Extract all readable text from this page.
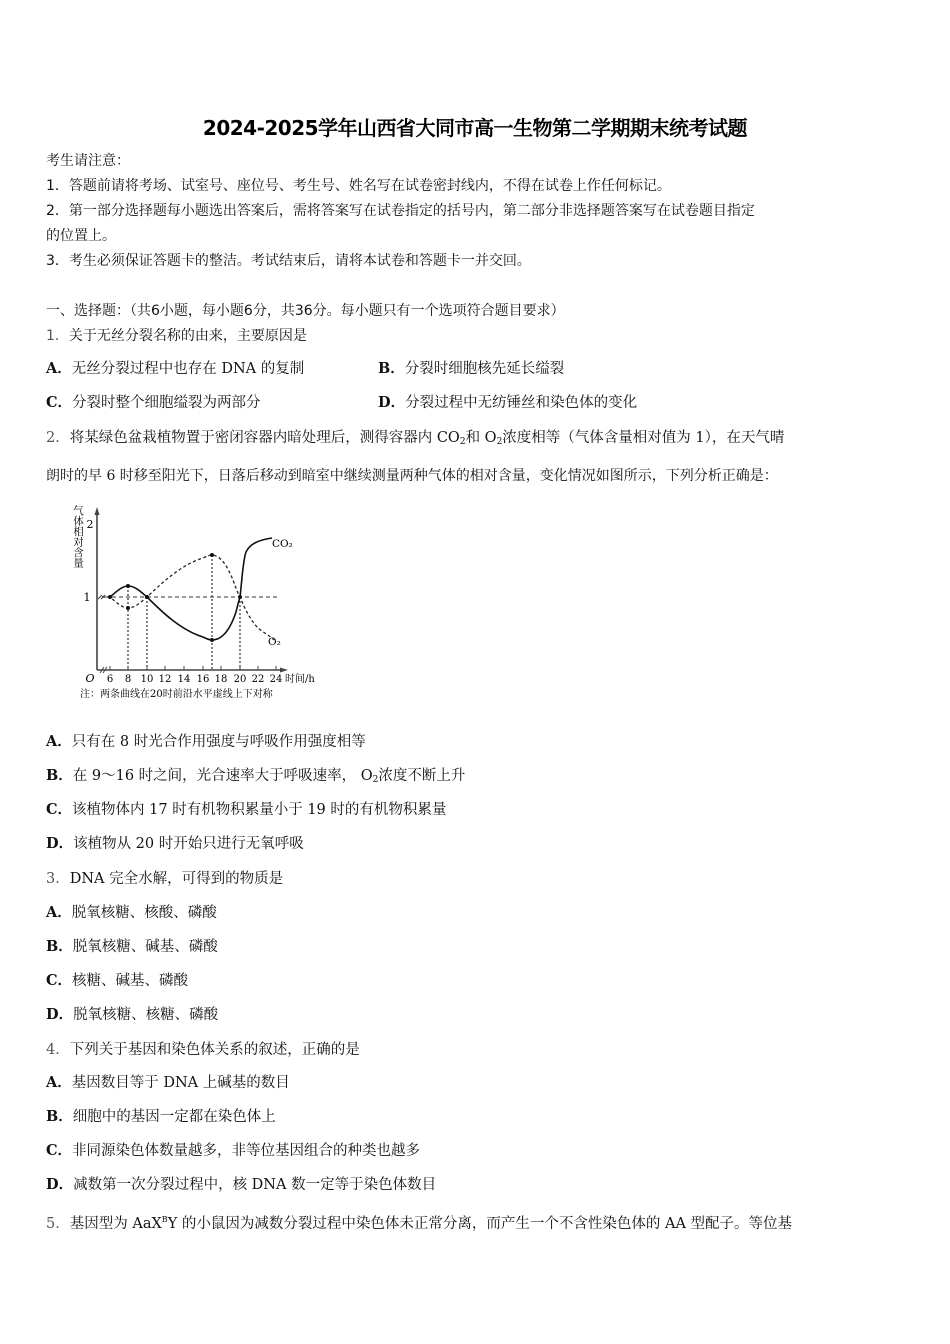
2024-2025学年山西省大同市高一生物第二学期期末统考试题
考生请注意：
1．答题前请将考场、试室号、座位号、考生号、姓名写在试卷密封线内，不得在试卷上作任何标记。
2．第一部分选择题每小题选出答案后，需将答案写在试卷指定的括号内，第二部分非选择题答案写在试卷题目指定
的位置上。
3．考生必须保证答题卡的整洁。考试结束后，请将本试卷和答题卡一并交回。
一、选择题：（共6小题，每小题6分，共36分。每小题只有一个选项符合题目要求）
1．关于无丝分裂名称的由来，主要原因是
A．无丝分裂过程中也存在 DNA 的复制	B．分裂时细胞核先延长缢裂
C．分裂时整个细胞缢裂为两部分	D．分裂过程中无纺锤丝和染色体的变化
2．将某绿色盆栽植物置于密闭容器内暗处理后，测得容器内 $CO_2$和 $O_2$浓度相等（气体含量相对值为 1），在天气晴
朗时的早 6 时移至阳光下，日落后移动到暗室中继续测量两种气体的相对含量，变化情况如图所示，下列分析正确是：
1
2
气体相对含量
O 6 8 10 12 14 16 18 20 22 24 时间/h
CO₂
O₂
注：两条曲线在20时前沿水平虚线上下对称
A．只有在 8 时光合作用强度与呼吸作用强度相等
B．在 9～16 时之间，光合速率大于呼吸速率， $O_2$浓度不断上升
C．该植物体内 17 时有机物积累量小于 19 时的有机物积累量
D．该植物从 20 时开始只进行无氧呼吸
3．DNA 完全水解，可得到的物质是
A．脱氧核糖、核酸、磷酸
B．脱氧核糖、碱基、磷酸
C．核糖、碱基、磷酸
D．脱氧核糖、核糖、磷酸
4．下列关于基因和染色体关系的叙述，正确的是
A．基因数目等于 DNA 上碱基的数目
B．细胞中的基因一定都在染色体上
C．非同源染色体数量越多，非等位基因组合的种类也越多
D．减数第一次分裂过程中，核 DNA 数一定等于染色体数目
5．基因型为 AaX$^B$Y 的小鼠因为减数分裂过程中染色体未正常分离，而产生一个不含性染色体的 AA 型配子。等位基
